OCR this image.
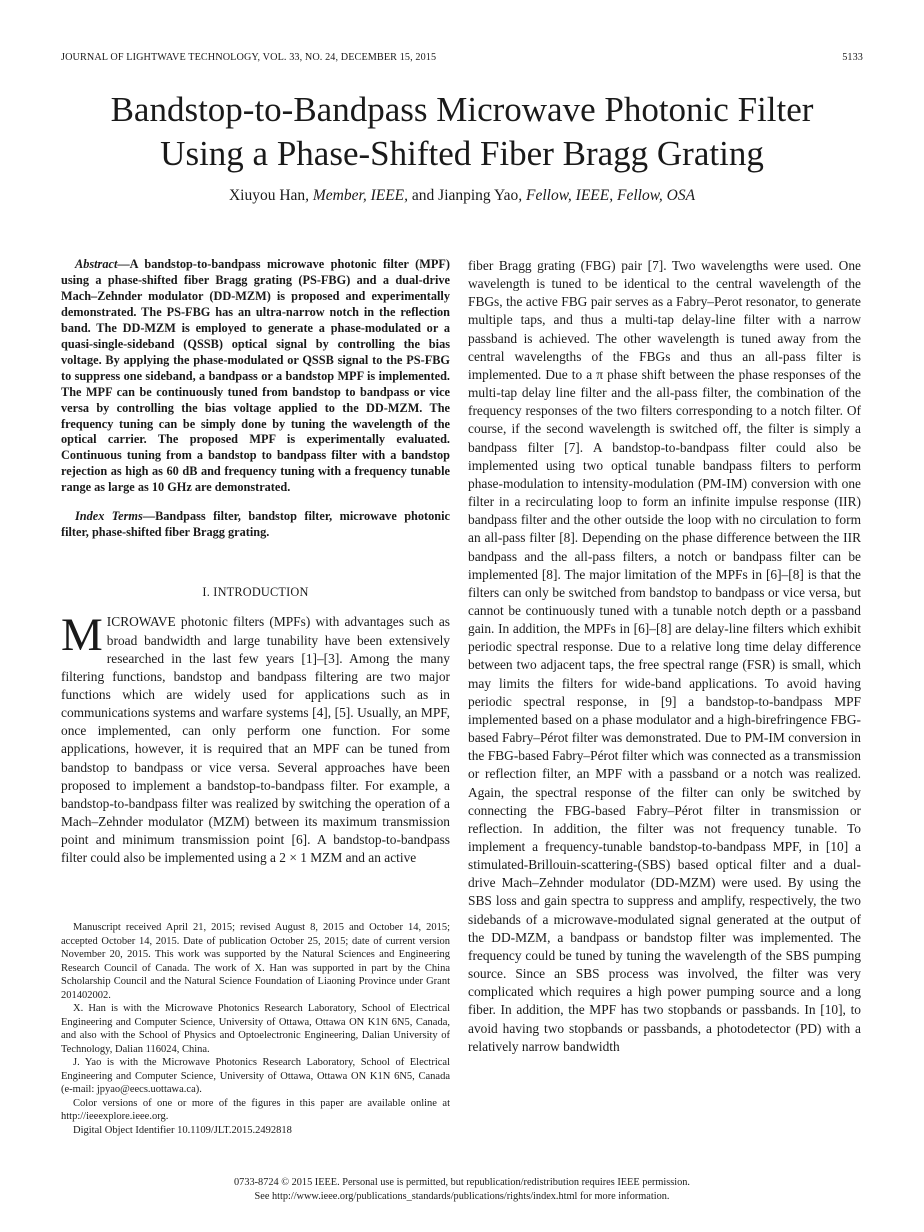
JOURNAL OF LIGHTWAVE TECHNOLOGY, VOL. 33, NO. 24, DECEMBER 15, 2015	5133
Bandstop-to-Bandpass Microwave Photonic Filter
Using a Phase-Shifted Fiber Bragg Grating
Xiuyou Han, Member, IEEE, and Jianping Yao, Fellow, IEEE, Fellow, OSA

Abstract—A bandstop-to-bandpass microwave photonic filter (MPF) using a phase-shifted fiber Bragg grating (PS-FBG) and a dual-drive Mach–Zehnder modulator (DD-MZM) is proposed and experimentally demonstrated. The PS-FBG has an ultra-narrow notch in the reflection band. The DD-MZM is employed to generate a phase-modulated or a quasi-single-sideband (QSSB) optical signal by controlling the bias voltage. By applying the phase-modulated or QSSB signal to the PS-FBG to suppress one sideband, a bandpass or a bandstop MPF is implemented. The MPF can be continuously tuned from bandstop to bandpass or vice versa by controlling the bias voltage applied to the DD-MZM. The frequency tuning can be simply done by tuning the wavelength of the optical carrier. The proposed MPF is experimentally evaluated. Continuous tuning from a bandstop to bandpass filter with a bandstop rejection as high as 60 dB and frequency tuning with a frequency tunable range as large as 10 GHz are demonstrated.

Index Terms—Bandpass filter, bandstop filter, microwave photonic filter, phase-shifted fiber Bragg grating.

I. INTRODUCTION

MICROWAVE photonic filters (MPFs) with advantages such as broad bandwidth and large tunability have been extensively researched in the last few years [1]–[3]. Among the many filtering functions, bandstop and bandpass filtering are two major functions which are widely used for applications such as in communications systems and warfare systems [4], [5]. Usually, an MPF, once implemented, can only perform one function. For some applications, however, it is required that an MPF can be tuned from bandstop to bandpass or vice versa. Several approaches have been proposed to implement a bandstop-to-bandpass filter. For example, a bandstop-to-bandpass filter was realized by switching the operation of a Mach–Zehnder modulator (MZM) between its maximum transmission point and minimum transmission point [6]. A bandstop-to-bandpass filter could also be implemented using a 2 × 1 MZM and an active

Manuscript received April 21, 2015; revised August 8, 2015 and October 14, 2015; accepted October 14, 2015. Date of publication October 25, 2015; date of current version November 20, 2015. This work was supported by the Natural Sciences and Engineering Research Council of Canada. The work of X. Han was supported in part by the China Scholarship Council and the Natural Science Foundation of Liaoning Province under Grant 201402002.

X. Han is with the Microwave Photonics Research Laboratory, School of Electrical Engineering and Computer Science, University of Ottawa, Ottawa ON K1N 6N5, Canada, and also with the School of Physics and Optoelectronic Engineering, Dalian University of Technology, Dalian 116024, China.

J. Yao is with the Microwave Photonics Research Laboratory, School of Electrical Engineering and Computer Science, University of Ottawa, Ottawa ON K1N 6N5, Canada (e-mail: jpyao@eecs.uottawa.ca).

Color versions of one or more of the figures in this paper are available online at http://ieeexplore.ieee.org.

Digital Object Identifier 10.1109/JLT.2015.2492818

fiber Bragg grating (FBG) pair [7]. Two wavelengths were used. One wavelength is tuned to be identical to the central wavelength of the FBGs, the active FBG pair serves as a Fabry–Perot resonator, to generate multiple taps, and thus a multi-tap delay-line filter with a narrow passband is achieved. The other wavelength is tuned away from the central wavelengths of the FBGs and thus an all-pass filter is implemented. Due to a π phase shift between the phase responses of the multi-tap delay line filter and the all-pass filter, the combination of the frequency responses of the two filters corresponding to a notch filter. Of course, if the second wavelength is switched off, the filter is simply a bandpass filter [7]. A bandstop-to-bandpass filter could also be implemented using two optical tunable bandpass filters to perform phase-modulation to intensity-modulation (PM-IM) conversion with one filter in a recirculating loop to form an infinite impulse response (IIR) bandpass filter and the other outside the loop with no circulation to form an all-pass filter [8]. Depending on the phase difference between the IIR bandpass and the all-pass filters, a notch or bandpass filter can be implemented [8]. The major limitation of the MPFs in [6]–[8] is that the filters can only be switched from bandstop to bandpass or vice versa, but cannot be continuously tuned with a tunable notch depth or a passband gain. In addition, the MPFs in [6]–[8] are delay-line filters which exhibit periodic spectral response. Due to a relative long time delay difference between two adjacent taps, the free spectral range (FSR) is small, which may limits the filters for wide-band applications. To avoid having periodic spectral response, in [9] a bandstop-to-bandpass MPF implemented based on a phase modulator and a high-birefringence FBG-based Fabry–Pérot filter was demonstrated. Due to PM-IM conversion in the FBG-based Fabry–Pérot filter which was connected as a transmission or reflection filter, an MPF with a passband or a notch was realized. Again, the spectral response of the filter can only be switched by connecting the FBG-based Fabry–Pérot filter in transmission or reflection. In addition, the filter was not frequency tunable. To implement a frequency-tunable bandstop-to-bandpass MPF, in [10] a stimulated-Brillouin-scattering-(SBS) based optical filter and a dual-drive Mach–Zehnder modulator (DD-MZM) were used. By using the SBS loss and gain spectra to suppress and amplify, respectively, the two sidebands of a microwave-modulated signal generated at the output of the DD-MZM, a bandpass or bandstop filter was implemented. The frequency could be tuned by tuning the wavelength of the SBS pumping source. Since an SBS process was involved, the filter was very complicated which requires a high power pumping source and a long fiber. In addition, the MPF has two stopbands or passbands. In [10], to avoid having two stopbands or passbands, a photodetector (PD) with a relatively narrow bandwidth

0733-8724 © 2015 IEEE. Personal use is permitted, but republication/redistribution requires IEEE permission.
See http://www.ieee.org/publications_standards/publications/rights/index.html for more information.
